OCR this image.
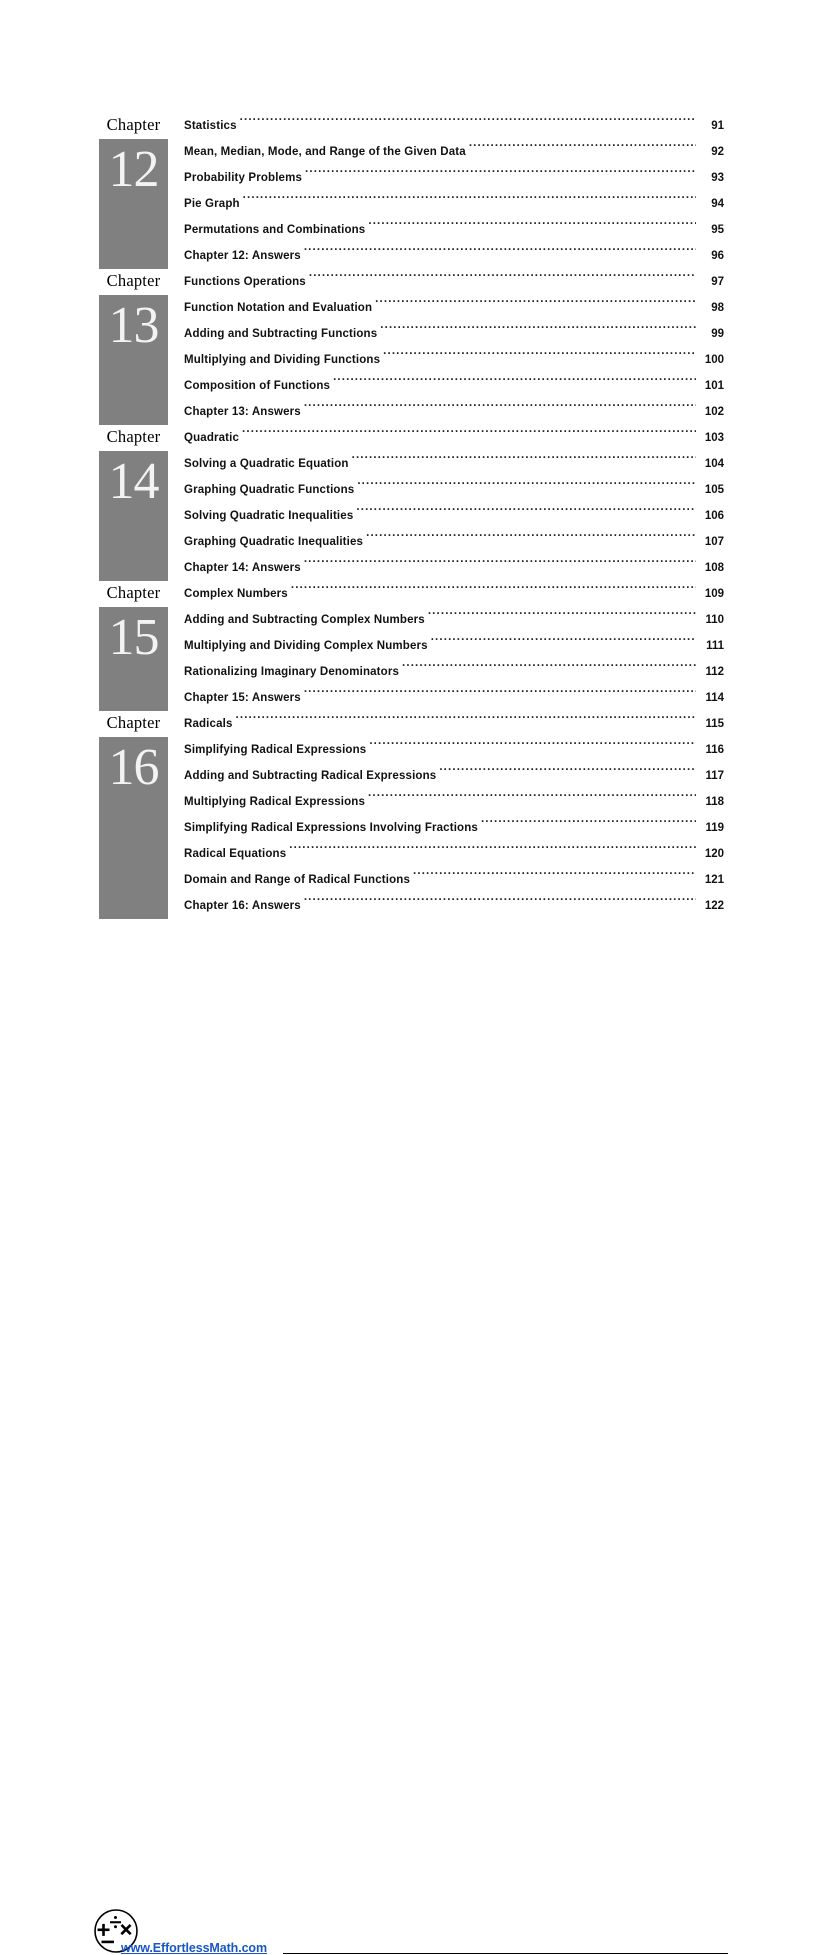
Chapter
12
Statistics .....	91
Mean, Median, Mode, and Range of the Given Data .....	92
Probability Problems .....	93
Pie Graph .....	94
Permutations and Combinations .....	95
Chapter 12: Answers .....	96
Chapter
13
Functions Operations .....	97
Function Notation and Evaluation .....	98
Adding and Subtracting Functions .....	99
Multiplying and Dividing Functions .....	100
Composition of Functions .....	101
Chapter 13: Answers .....	102
Chapter
14
Quadratic .....	103
Solving a Quadratic Equation .....	104
Graphing Quadratic Functions .....	105
Solving Quadratic Inequalities .....	106
Graphing Quadratic Inequalities .....	107
Chapter 14: Answers .....	108
Chapter
15
Complex Numbers .....	109
Adding and Subtracting Complex Numbers .....	110
Multiplying and Dividing Complex Numbers .....	111
Rationalizing Imaginary Denominators .....	112
Chapter 15: Answers .....	114
Chapter
16
Radicals .....	115
Simplifying Radical Expressions .....	116
Adding and Subtracting Radical Expressions .....	117
Multiplying Radical Expressions .....	118
Simplifying Radical Expressions Involving Fractions .....	119
Radical Equations .....	120
Domain and Range of Radical Functions .....	121
Chapter 16: Answers .....	122
www.EffortlessMath.com
